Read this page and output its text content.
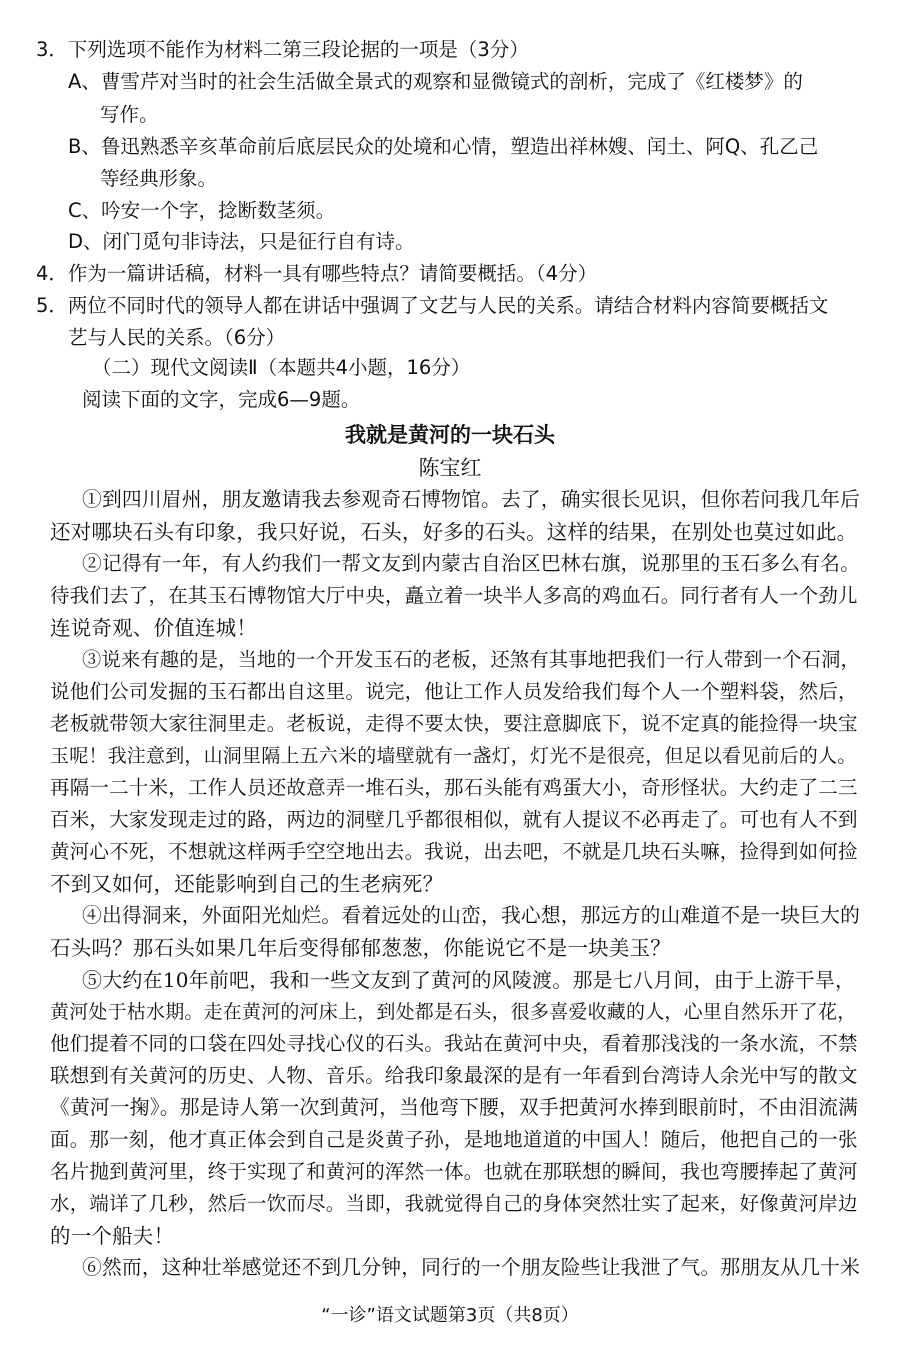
3．下列选项不能作为材料二第三段论据的一项是（3分）
A、曹雪芹对当时的社会生活做全景式的观察和显微镜式的剖析，完成了《红楼梦》的
写作。
B、鲁迅熟悉辛亥革命前后底层民众的处境和心情，塑造出祥林嫂、闰土、阿Q、孔乙己
等经典形象。
C、吟安一个字，捻断数茎须。
D、闭门觅句非诗法，只是征行自有诗。
4．作为一篇讲话稿，材料一具有哪些特点？请简要概括。（4分）
5．两位不同时代的领导人都在讲话中强调了文艺与人民的关系。请结合材料内容简要概括文
艺与人民的关系。（6分）
（二）现代文阅读Ⅱ（本题共4小题，16分）
阅读下面的文字，完成6—9题。
我就是黄河的一块石头
陈宝红
①到四川眉州，朋友邀请我去参观奇石博物馆。去了，确实很长见识，但你若问我几年后
还对哪块石头有印象，我只好说，石头，好多的石头。这样的结果，在别处也莫过如此。
②记得有一年，有人约我们一帮文友到内蒙古自治区巴林右旗，说那里的玉石多么有名。
待我们去了，在其玉石博物馆大厅中央，矗立着一块半人多高的鸡血石。同行者有人一个劲儿
连说奇观、价值连城！
③说来有趣的是，当地的一个开发玉石的老板，还煞有其事地把我们一行人带到一个石洞，
说他们公司发掘的玉石都出自这里。说完，他让工作人员发给我们每个人一个塑料袋，然后，
老板就带领大家往洞里走。老板说，走得不要太快，要注意脚底下，说不定真的能捡得一块宝
玉呢！我注意到，山洞里隔上五六米的墙壁就有一盏灯，灯光不是很亮，但足以看见前后的人。
再隔一二十米，工作人员还故意弄一堆石头，那石头能有鸡蛋大小，奇形怪状。大约走了二三
百米，大家发现走过的路，两边的洞壁几乎都很相似，就有人提议不必再走了。可也有人不到
黄河心不死，不想就这样两手空空地出去。我说，出去吧，不就是几块石头嘛，捡得到如何捡
不到又如何，还能影响到自己的生老病死？
④出得洞来，外面阳光灿烂。看着远处的山峦，我心想，那远方的山难道不是一块巨大的
石头吗？那石头如果几年后变得郁郁葱葱，你能说它不是一块美玉？
⑤大约在10年前吧，我和一些文友到了黄河的风陵渡。那是七八月间，由于上游干旱，
黄河处于枯水期。走在黄河的河床上，到处都是石头，很多喜爱收藏的人，心里自然乐开了花，
他们提着不同的口袋在四处寻找心仪的石头。我站在黄河中央，看着那浅浅的一条水流，不禁
联想到有关黄河的历史、人物、音乐。给我印象最深的是有一年看到台湾诗人余光中写的散文
《黄河一掬》。那是诗人第一次到黄河，当他弯下腰，双手把黄河水捧到眼前时，不由泪流满
面。那一刻，他才真正体会到自己是炎黄子孙，是地地道道的中国人！随后，他把自己的一张
名片抛到黄河里，终于实现了和黄河的浑然一体。也就在那联想的瞬间，我也弯腰捧起了黄河
水，端详了几秒，然后一饮而尽。当即，我就觉得自己的身体突然壮实了起来，好像黄河岸边
的一个船夫！
⑥然而，这种壮举感觉还不到几分钟，同行的一个朋友险些让我泄了气。那朋友从几十米
“一诊”语文试题第3页（共8页）
